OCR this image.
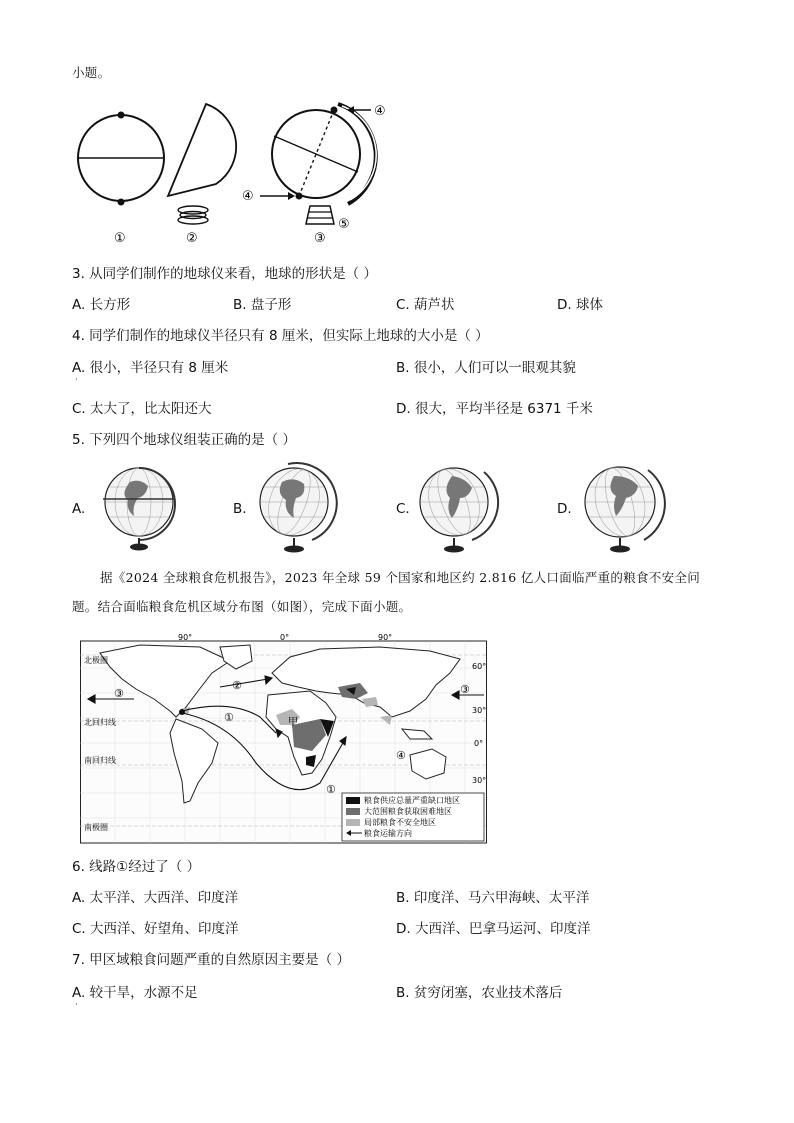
小题。
①	②	③
⑤
④
④
3. 从同学们制作的地球仪来看，地球的形状是（ ）
A. 长方形	B. 盘子形	C. 葫芦状	D. 球体
4. 同学们制作的地球仪半径只有 8 厘米，但实际上地球的大小是（ ）
A. 很小，半径只有 8 厘米
·
B. 很小，人们可以一眼观其貌
C. 太大了，比太阳还大	D. 很大，平均半径是 6371 千米
5. 下列四个地球仪组装正确的是（ ）
A.	B.	C.	D.
据《2024 全球粮食危机报告》，2023 年全球 59 个国家和地区约 2.816 亿人口面临严重的粮食不安全问
题。结合面临粮食危机区域分布图（如图），完成下面小题。
90°	0°	90°
60°
30°
0°
30°
北极圈
北回归线
南回归线
南极圈
③
②
①
①
③
④
甲
粮食供应总量严重缺口地区
大范围粮食获取困难地区
局部粮食不安全地区
粮食运输方向
6. 线路①经过了（ ）
A. 太平洋、大西洋、印度洋	B. 印度洋、马六甲海峡、太平洋
C. 大西洋、好望角、印度洋	D. 大西洋、巴拿马运河、印度洋
7. 甲区域粮食问题严重的自然原因主要是（ ）
A. 较干旱，水源不足
·
B. 贫穷闭塞，农业技术落后
